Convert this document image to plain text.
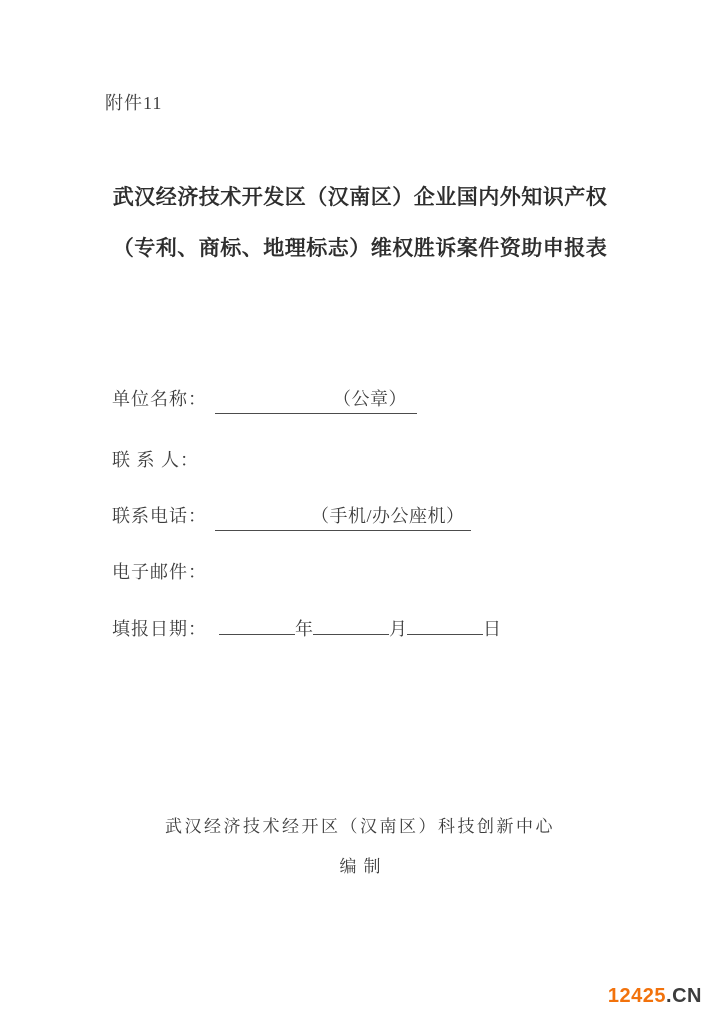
附件11
武汉经济技术开发区（汉南区）企业国内外知识产权
（专利、商标、地理标志）维权胜诉案件资助申报表
单位名称：	（公章）
联 系 人：
联系电话：	（手机/办公座机）
电子邮件：
填报日期：	年	月	日
武汉经济技术经开区（汉南区）科技创新中心
编制
12425.CN
